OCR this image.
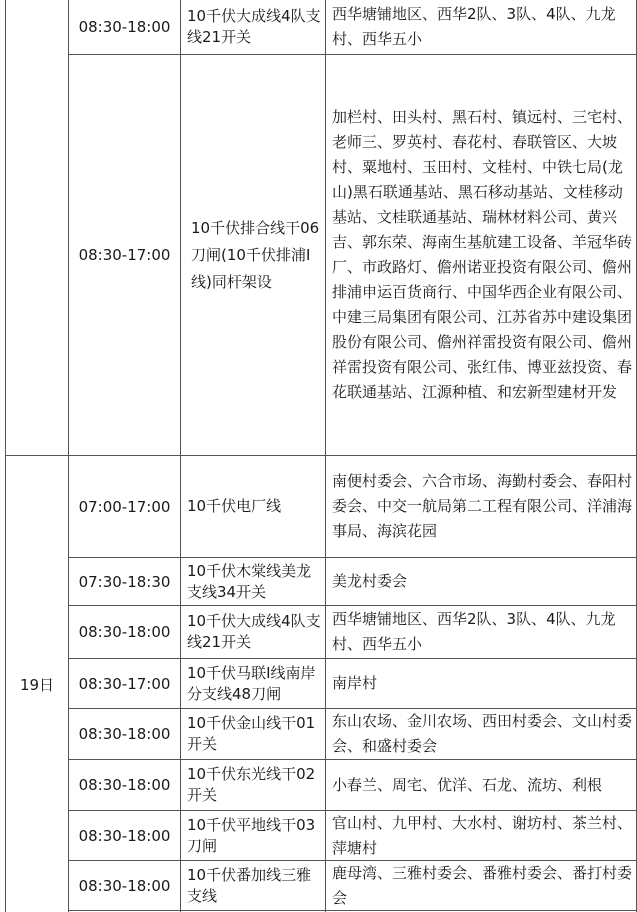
19日
08:30-18:00
10千伏大成线4队支线21开关
西华塘铺地区、西华2队、3队、4队、九龙村、西华五小
08:30-17:00
10千伏排合线干06刀闸(10千伏排浦I线)同杆架设
加栏村、田头村、黑石村、镇远村、三宅村、老师三、罗英村、春花村、春联管区、大坡村、粟地村、玉田村、文桂村、中铁七局(龙山)黑石联通基站、黑石移动基站、文桂移动基站、文桂联通基站、瑞林材料公司、黄兴吉、郭东荣、海南生基航建工设备、羊冠华砖厂、市政路灯、儋州诺亚投资有限公司、儋州排浦申运百货商行、中国华西企业有限公司、中建三局集团有限公司、江苏省苏中建设集团股份有限公司、儋州祥雷投资有限公司、儋州祥雷投资有限公司、张红伟、博亚兹投资、春花联通基站、江源种植、和宏新型建材开发
07:00-17:00 10千伏电厂线
南便村委会、六合市场、海勤村委会、春阳村委会、中交一航局第二工程有限公司、洋浦海事局、海滨花园
07:30-18:30
10千伏木棠线美龙支线34开关
美龙村委会
08:30-18:00
10千伏大成线4队支线21开关
西华塘铺地区、西华2队、3队、4队、九龙村、西华五小
08:30-17:00
10千伏马联I线南岸分支线48刀闸
南岸村
08:30-18:00
10千伏金山线干01开关
东山农场、金川农场、西田村委会、文山村委会、和盛村委会
08:30-18:00
10千伏东光线干02开关
小春兰、周宅、优洋、石龙、流坊、利根
08:30-18:00
10千伏平地线干03刀闸
官山村、九甲村、大水村、谢坊村、茶兰村、萍塘村
08:30-18:00
10千伏番加线三雅支线
鹿母湾、三雅村委会、番雅村委会、番打村委会
